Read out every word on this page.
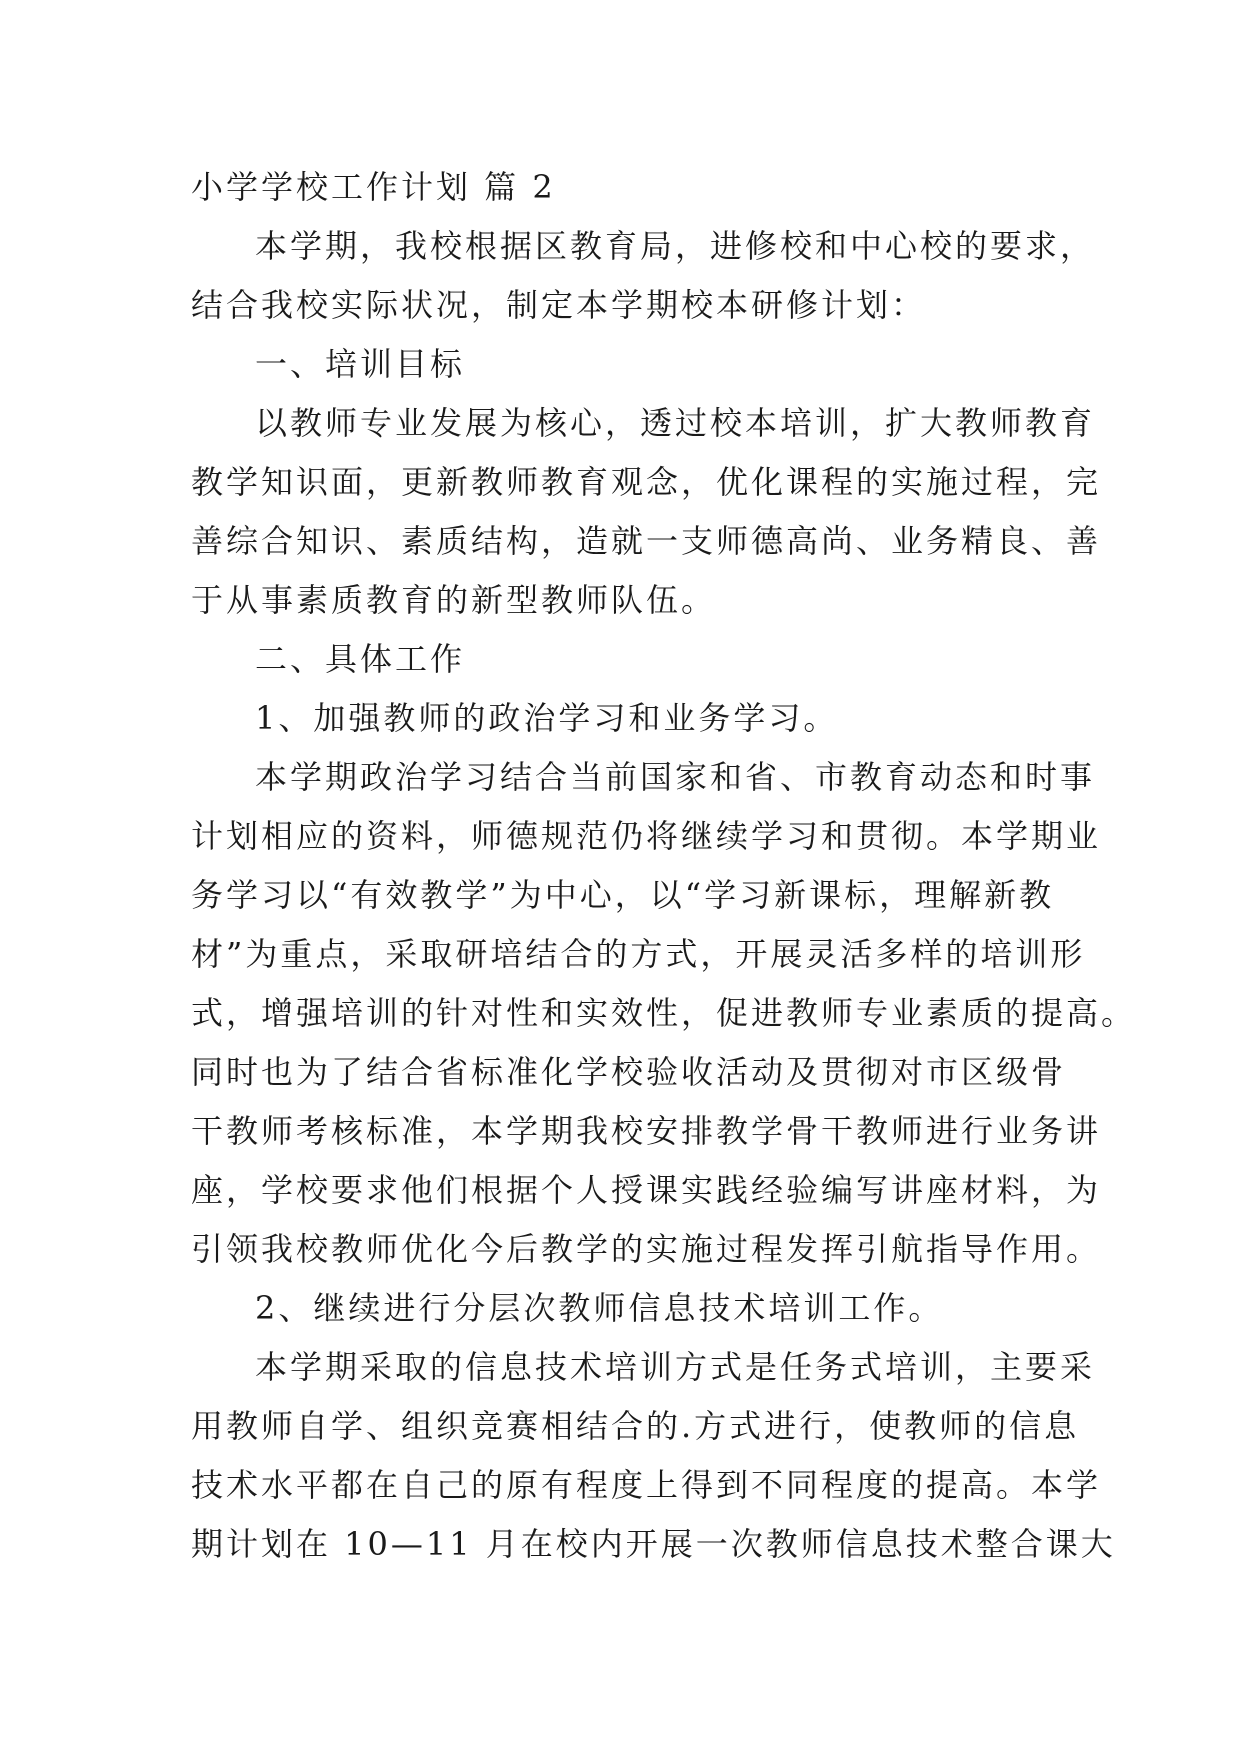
小学学校工作计划 篇 2
本学期，我校根据区教育局，进修校和中心校的要求，
结合我校实际状况，制定本学期校本研修计划：
一、培训目标
以教师专业发展为核心，透过校本培训，扩大教师教育
教学知识面，更新教师教育观念，优化课程的实施过程，完
善综合知识、素质结构，造就一支师德高尚、业务精良、善
于从事素质教育的新型教师队伍。
二、具体工作
1、加强教师的政治学习和业务学习。
本学期政治学习结合当前国家和省、市教育动态和时事
计划相应的资料，师德规范仍将继续学习和贯彻。本学期业
务学习以“有效教学”为中心，以“学习新课标，理解新教
材”为重点，采取研培结合的方式，开展灵活多样的培训形
式，增强培训的针对性和实效性，促进教师专业素质的提高。
同时也为了结合省标准化学校验收活动及贯彻对市区级骨
干教师考核标准，本学期我校安排教学骨干教师进行业务讲
座，学校要求他们根据个人授课实践经验编写讲座材料，为
引领我校教师优化今后教学的实施过程发挥引航指导作用。
2、继续进行分层次教师信息技术培训工作。
本学期采取的信息技术培训方式是任务式培训，主要采
用教师自学、组织竞赛相结合的.方式进行，使教师的信息
技术水平都在自己的原有程度上得到不同程度的提高。本学
期计划在 10—11 月在校内开展一次教师信息技术整合课大
